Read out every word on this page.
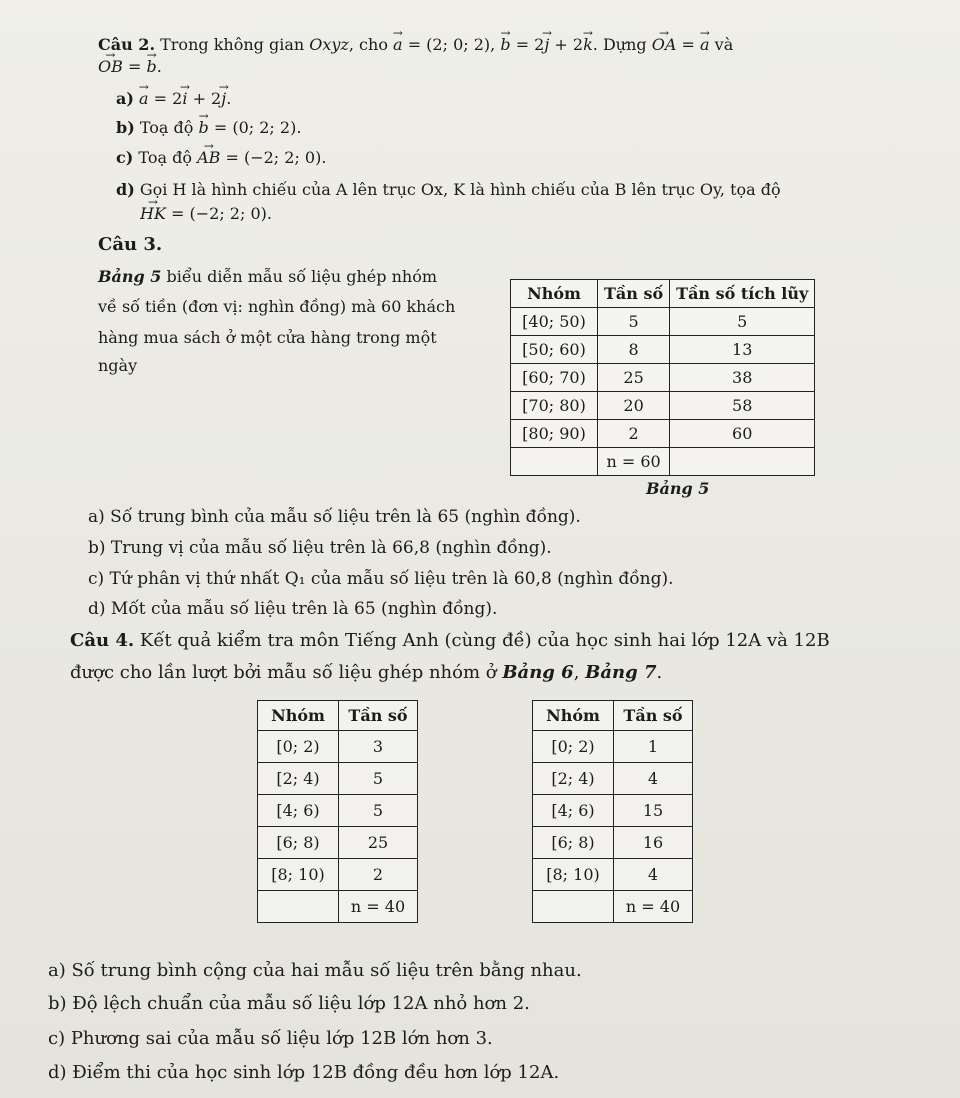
Câu 2. Trong không gian Oxyz, cho → a = (2; 0; 2), → b = 2→ j + 2→ k. Dựng → OA = → a và
→ OB = → b.
a) → a = 2→ i + 2→ j.
b) Toạ độ → b = (0; 2; 2).
c) Toạ độ → AB = (−2; 2; 0).
d) Gọi H là hình chiếu của A lên trục Ox, K là hình chiếu của B lên trục Oy, tọa độ
→ HK = (−2; 2; 0).
Câu 3.
Bảng 5 biểu diễn mẫu số liệu ghép nhóm
về số tiền (đơn vị: nghìn đồng) mà 60 khách
hàng mua sách ở một cửa hàng trong một
ngày
Nhóm	Tần số	Tần số tích lũy
[40; 50)	5	5
[50; 60)	8	13
[60; 70)	25	38
[70; 80)	20	58
[80; 90)	2	60
	n = 60	
Bảng 5
a) Số trung bình của mẫu số liệu trên là 65 (nghìn đồng).
b) Trung vị của mẫu số liệu trên là 66,8 (nghìn đồng).
c) Tứ phân vị thứ nhất Q₁ của mẫu số liệu trên là 60,8 (nghìn đồng).
d) Mốt của mẫu số liệu trên là 65 (nghìn đồng).
Câu 4. Kết quả kiểm tra môn Tiếng Anh (cùng đề) của học sinh hai lớp 12A và 12B
được cho lần lượt bởi mẫu số liệu ghép nhóm ở Bảng 6, Bảng 7.
Nhóm	Tần số
[0; 2)	3
[2; 4)	5
[4; 6)	5
[6; 8)	25
[8; 10)	2
	n = 40
Nhóm	Tần số
[0; 2)	1
[2; 4)	4
[4; 6)	15
[6; 8)	16
[8; 10)	4
	n = 40
a) Số trung bình cộng của hai mẫu số liệu trên bằng nhau.
b) Độ lệch chuẩn của mẫu số liệu lớp 12A nhỏ hơn 2.
c) Phương sai của mẫu số liệu lớp 12B lớn hơn 3.
d) Điểm thi của học sinh lớp 12B đồng đều hơn lớp 12A.
